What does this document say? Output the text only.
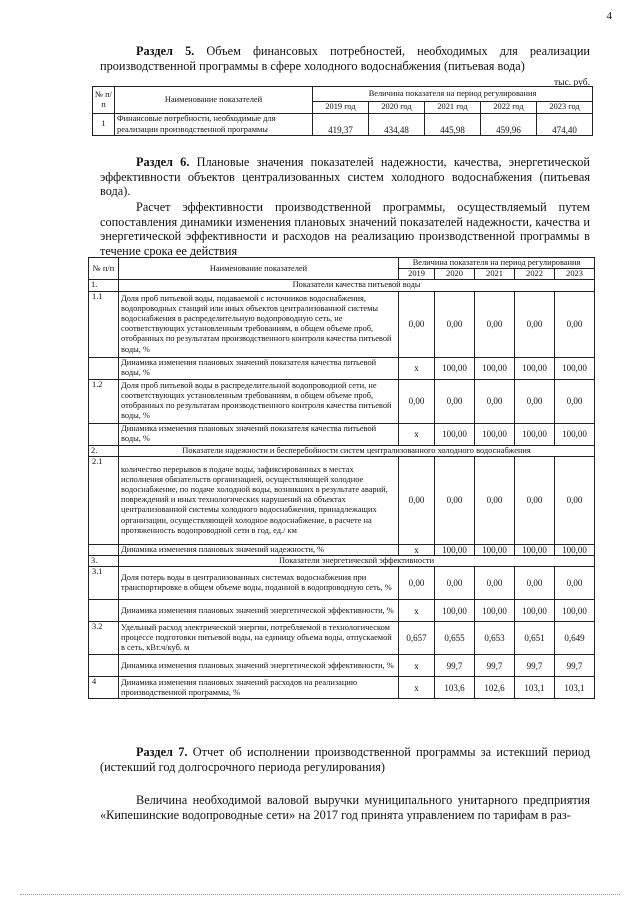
4
Раздел 5. Объем финансовых потребностей, необходимых для реализации производственной программы в сфере холодного водоснабжения (питьевая вода)
тыс. руб.
№ п/п	Наименование показателей	Величина показателя на период регулирования				
		2019 год	2020 год	2021 год	2022 год	2023 год
1	Финансовые потребности, необходимые для реализации производственной программы	419,37	434,48	445,98	459,96	474,40
Раздел 6. Плановые значения показателей надежности, качества, энергетической эффективности объектов централизованных систем холодного водоснабжения (питьевая вода).
Расчет эффективности производственной программы, осуществляемый путем сопоставления динамики изменения плановых значений показателей надежности, качества и энергетической эффективности и расходов на реализацию производственной программы в течение срока ее действия
№ п/п	Наименование показателей	Величина показателя на период регулирования				
		2019	2020	2021	2022	2023
1.	Показатели качества питьевой воды					
1.1	Доля проб питьевой воды, подаваемой с источников водоснабжения, водопроводных станций или иных объектов централизованной системы водоснабжения в распределительную водопроводную сеть, не соответствующих установленным требованиям, в общем объеме проб, отобранных по результатам производственного контроля качества питьевой воды, %	0,00	0,00	0,00	0,00	0,00
	Динамика изменения плановых значений показателя качества питьевой воды, %	x	100,00	100,00	100,00	100,00
1.2	Доля проб питьевой воды в распределительной водопроводной сети, не соответствующих установленным требованиям, в общем объеме проб, отобранных по результатам производственного контроля качества питьевой воды, %	0,00	0,00	0,00	0,00	0,00
	Динамика изменения плановых значений показателя качества питьевой воды, %	x	100,00	100,00	100,00	100,00
2.	Показатели надежности и бесперебойности систем централизованного холодного водоснабжения					
2.1	количество перерывов в подаче воды, зафиксированных в местах исполнения обязательств организацией, осуществляющей холодное водоснабжение, по подаче холодной воды, возникших в результате аварий, повреждений и иных технологических нарушений на объектах централизованной системы холодного водоснабжения, принадлежащих организации, осуществляющей холодное водоснабжение, в расчете на протяженность водопроводной сети в год, ед./ км	0,00	0,00	0,00	0,00	0,00
	Динамика изменения плановых значений надежности, %	x	100,00	100,00	100,00	100,00
3.	Показатели энергетической эффективности					
3.1	Доля потерь воды в централизованных системах водоснабжения при транспортировке в общем объеме воды, поданной в водопроводную сеть, %	0,00	0,00	0,00	0,00	0,00
	Динамика изменения плановых значений энергетической эффективности, %	x	100,00	100,00	100,00	100,00
3.2	Удельный расход электрической энергии, потребляемой в технологическом процессе подготовки питьевой воды, на единицу объема воды, отпускаемой в сеть, кВт.ч/куб. м	0,657	0,655	0,653	0,651	0,649
	Динамика изменения плановых значений энергетической эффективности, %	x	99,7	99,7	99,7	99,7
4	Динамика изменения плановых значений расходов на реализацию производственной программы, %	x	103,6	102,6	103,1	103,1
Раздел 7. Отчет об исполнении производственной программы за истекший период (истекший год долгосрочного периода регулирования)
Величина необходимой валовой выручки муниципального унитарного предприятия «Кипешинские водопроводные сети» на 2017 год принята управлением по тарифам в раз-
